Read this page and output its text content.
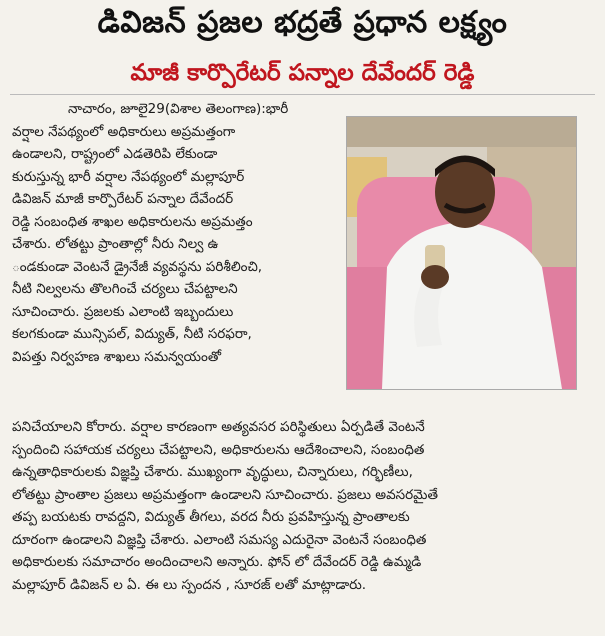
డివిజన్ ప్రజల భద్రతే ప్రధాన లక్ష్యం
మాజీ కార్పొరేటర్ పన్నాల దేవేందర్ రెడ్డి
నాచారం, జూలై29(విశాల తెలంగాణ):భారీ
వర్షాల నేపథ్యంలో అధికారులు అప్రమత్తంగా
ఉండాలని, రాష్ట్రంలో ఎడతెరిపి లేకుండా
కురుస్తున్న భారీ వర్షాల నేపథ్యంలో మల్లాపూర్
డివిజన్ మాజీ కార్పొరేటర్ పన్నాల దేవేందర్
రెడ్డి సంబంధిత శాఖల అధికారులను అప్రమత్తం
చేశారు. లోతట్టు ప్రాంతాల్లో నీరు నిల్వ ఉ
ండకుండా వెంటనే డ్రైనేజీ వ్యవస్థను పరిశీలించి,
నీటి నిల్వలను తొలగించే చర్యలు చేపట్టాలని
సూచించారు. ప్రజలకు ఎలాంటి ఇబ్బందులు
కలగకుండా మున్సిపల్, విద్యుత్, నీటి సరఫరా,
విపత్తు నిర్వహణ శాఖలు సమన్వయంతో
పనిచేయాలని కోరారు. వర్షాల కారణంగా అత్యవసర పరిస్థితులు ఏర్పడితే వెంటనే
స్పందించి సహాయక చర్యలు చేపట్టాలని, అధికారులను ఆదేశించాలని, సంబంధిత
ఉన్నతాధికారులకు విజ్ఞప్తి చేశారు. ముఖ్యంగా వృద్ధులు, చిన్నారులు, గర్భిణీలు,
లోతట్టు ప్రాంతాల ప్రజలు అప్రమత్తంగా ఉండాలని సూచించారు. ప్రజలు అవసరమైతే
తప్ప బయటకు రావద్దని, విద్యుత్ తీగలు, వరద నీరు ప్రవహిస్తున్న ప్రాంతాలకు
దూరంగా ఉండాలని విజ్ఞప్తి చేశారు. ఎలాంటి సమస్య ఎదురైనా వెంటనే సంబంధిత
అధికారులకు సమాచారం అందించాలని అన్నారు. ఫోన్ లో దేవేందర్ రెడ్డి ఉమ్మడి
మల్లాపూర్ డివిజన్ ల ఏ. ఈ లు స్పందన , సూరజ్ లతో మాట్లాడారు.
